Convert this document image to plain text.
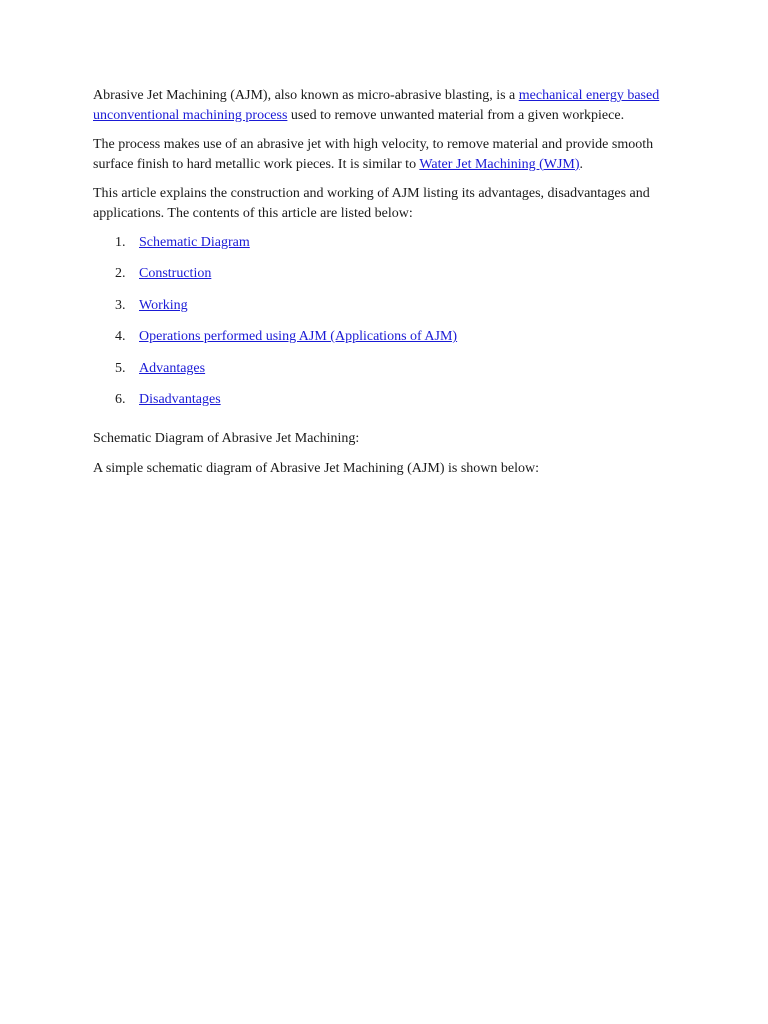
Abrasive Jet Machining (AJM), also known as micro-abrasive blasting, is a mechanical energy based unconventional machining process used to remove unwanted material from a given workpiece.

The process makes use of an abrasive jet with high velocity, to remove material and provide smooth surface finish to hard metallic work pieces. It is similar to Water Jet Machining (WJM).

This article explains the construction and working of AJM listing its advantages, disadvantages and applications. The contents of this article are listed below:

1. Schematic Diagram
2. Construction
3. Working
4. Operations performed using AJM (Applications of AJM)
5. Advantages
6. Disadvantages

Schematic Diagram of Abrasive Jet Machining:

A simple schematic diagram of Abrasive Jet Machining (AJM) is shown below:
